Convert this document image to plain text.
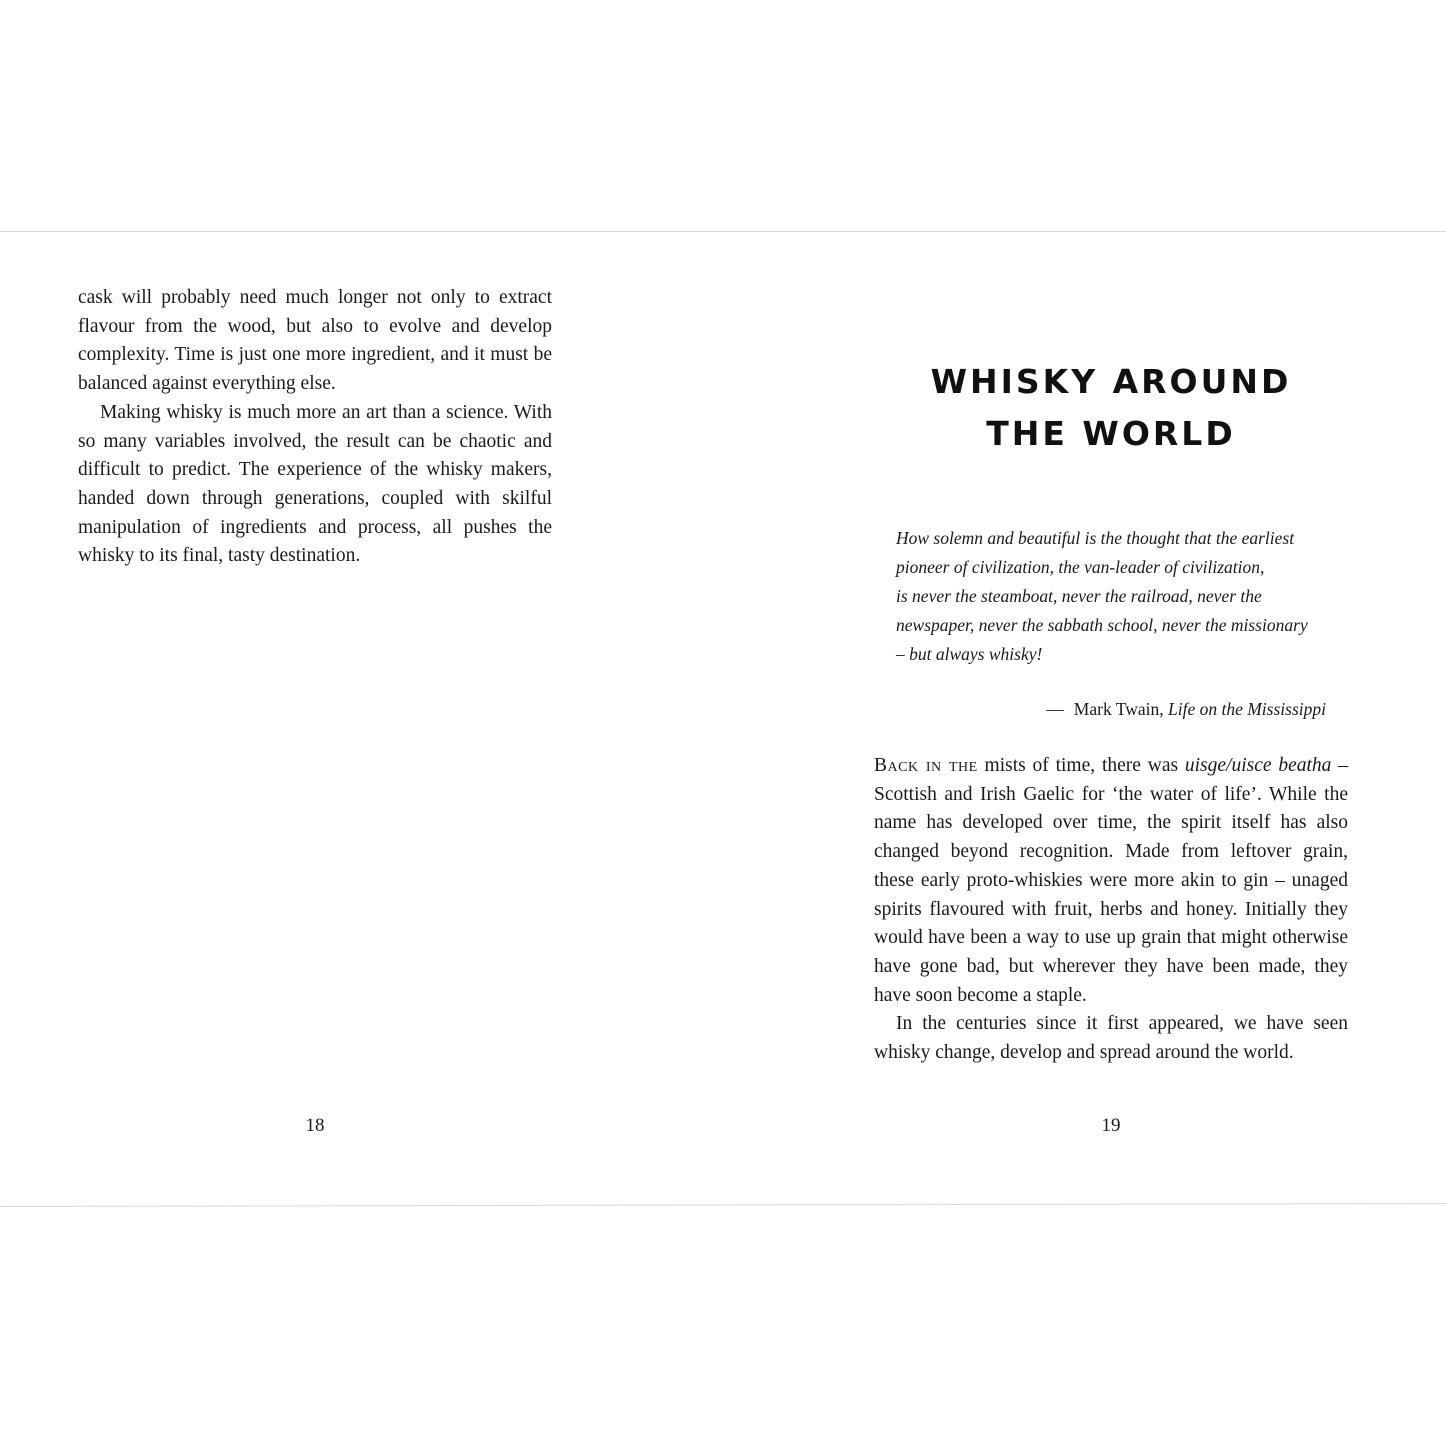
cask will probably need much longer not only to extract flavour from the wood, but also to evolve and develop complexity. Time is just one more ingredient, and it must be balanced against everything else.

Making whisky is much more an art than a science. With so many variables involved, the result can be chaotic and difficult to predict. The experience of the whisky makers, handed down through generations, coupled with skilful manipulation of ingredients and process, all pushes the whisky to its final, tasty destination.

WHISKY AROUND
THE WORLD
How solemn and beautiful is the thought that the earliest
pioneer of civilization, the van-leader of civilization,
is never the steamboat, never the railroad, never the
newspaper, never the sabbath school, never the missionary
– but always whisky!
— Mark Twain, Life on the Mississippi

Back in the mists of time, there was uisge/uisce beatha – Scottish and Irish Gaelic for ‘the water of life’. While the name has developed over time, the spirit itself has also changed beyond recognition. Made from leftover grain, these early proto-whiskies were more akin to gin – unaged spirits flavoured with fruit, herbs and honey. Initially they would have been a way to use up grain that might otherwise have gone bad, but wherever they have been made, they have soon become a staple.

In the centuries since it first appeared, we have seen whisky change, develop and spread around the world.

18	19
